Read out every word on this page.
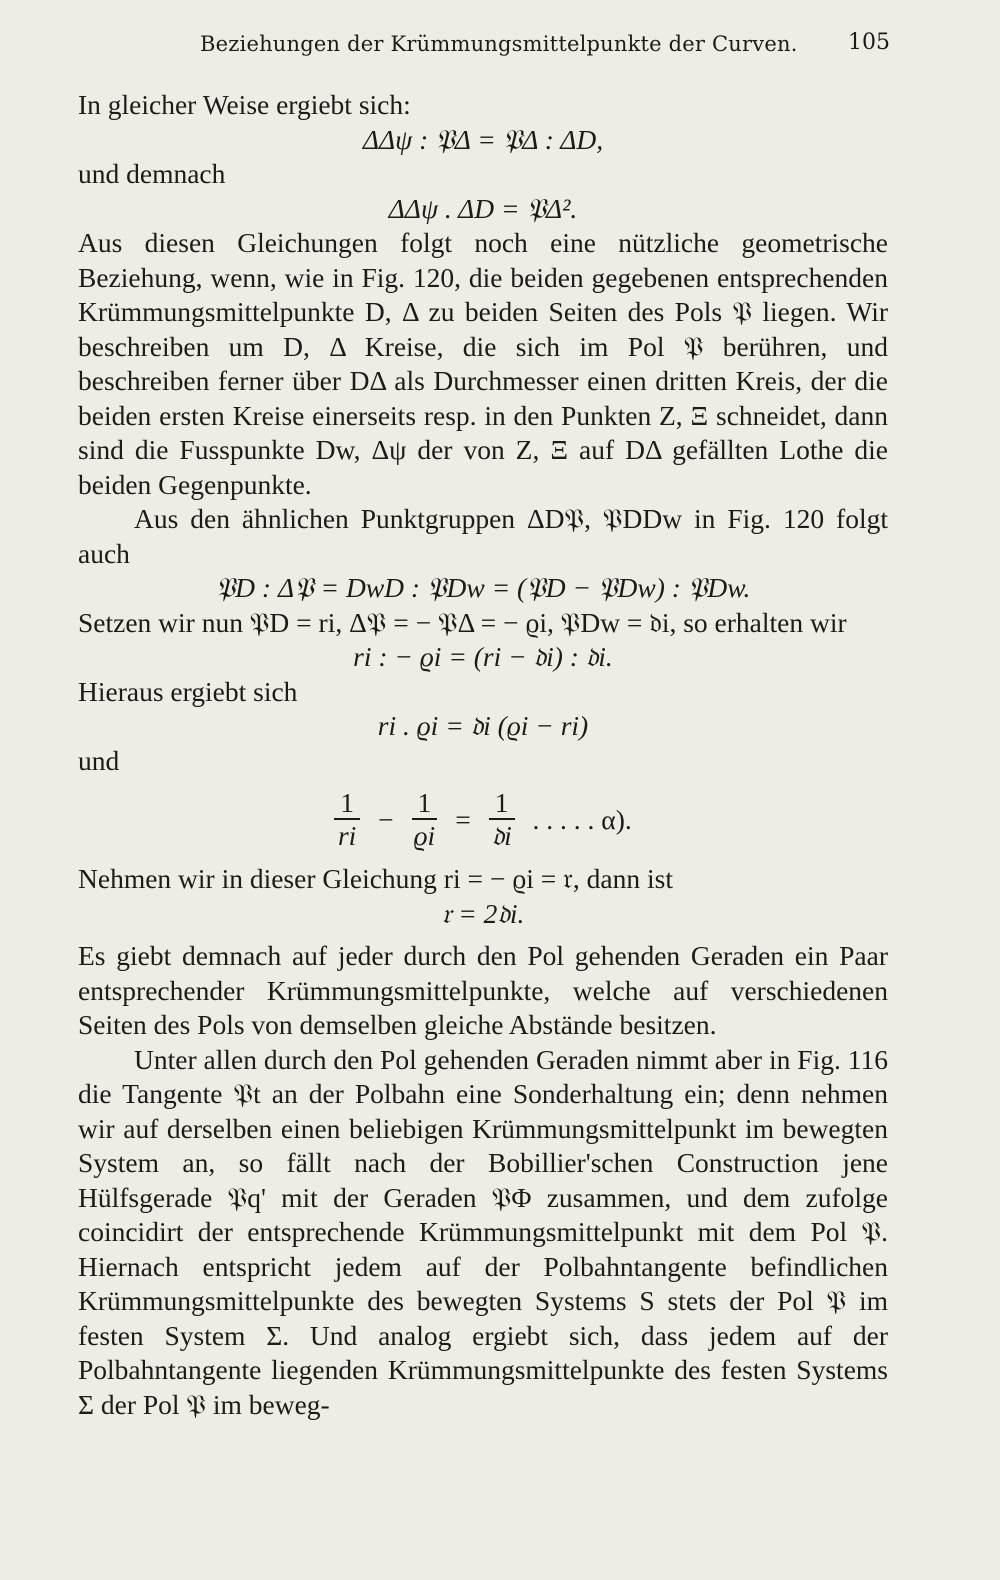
Beziehungen der Krümmungsmittelpunkte der Curven. 105

In gleicher Weise ergiebt sich:

ΔΔψ : 𝔓Δ = 𝔓Δ : ΔD,

und demnach

ΔΔψ . ΔD = 𝔓Δ².

Aus diesen Gleichungen folgt noch eine nützliche geometrische Beziehung, wenn, wie in Fig. 120, die beiden gegebenen entsprechenden Krümmungsmittelpunkte D, Δ zu beiden Seiten des Pols 𝔓 liegen. Wir beschreiben um D, Δ Kreise, die sich im Pol 𝔓 berühren, und beschreiben ferner über DΔ als Durchmesser einen dritten Kreis, der die beiden ersten Kreise einerseits resp. in den Punkten Z, Ξ schneidet, dann sind die Fusspunkte Dw, Δψ der von Z, Ξ auf DΔ gefällten Lothe die beiden Gegenpunkte.

Aus den ähnlichen Punktgruppen ΔD𝔓, 𝔓DDw in Fig. 120 folgt auch

𝔓D : Δ𝔓 = DwD : 𝔓Dw = (𝔓D − 𝔓Dw) : 𝔓Dw.

Setzen wir nun 𝔓D = ri, Δ𝔓 = − 𝔓Δ = − ϱi, 𝔓Dw = 𝔡i, so erhalten wir

ri : − ϱi = (ri − 𝔡i) : 𝔡i.

Hieraus ergiebt sich

ri . ϱi = 𝔡i (ϱi − ri)

und

$\frac{1}{ri} - \frac{1}{ϱi} = \frac{1}{\text{𝔡i}}$ . . . . . α).

Nehmen wir in dieser Gleichung ri = − ϱi = 𝔯, dann ist

𝔯 = 2𝔡i.

Es giebt demnach auf jeder durch den Pol gehenden Geraden ein Paar entsprechender Krümmungsmittelpunkte, welche auf verschiedenen Seiten des Pols von demselben gleiche Abstände besitzen.

Unter allen durch den Pol gehenden Geraden nimmt aber in Fig. 116 die Tangente 𝔓t an der Polbahn eine Sonderhaltung ein; denn nehmen wir auf derselben einen beliebigen Krümmungsmittelpunkt im bewegten System an, so fällt nach der Bobillier'schen Construction jene Hülfsgerade 𝔓q' mit der Geraden 𝔓Φ zusammen, und dem zufolge coincidirt der entsprechende Krümmungsmittelpunkt mit dem Pol 𝔓. Hiernach entspricht jedem auf der Polbahntangente befindlichen Krümmungsmittelpunkte des bewegten Systems S stets der Pol 𝔓 im festen System Σ. Und analog ergiebt sich, dass jedem auf der Polbahntangente liegenden Krümmungsmittelpunkte des festen Systems Σ der Pol 𝔓 im beweg-
